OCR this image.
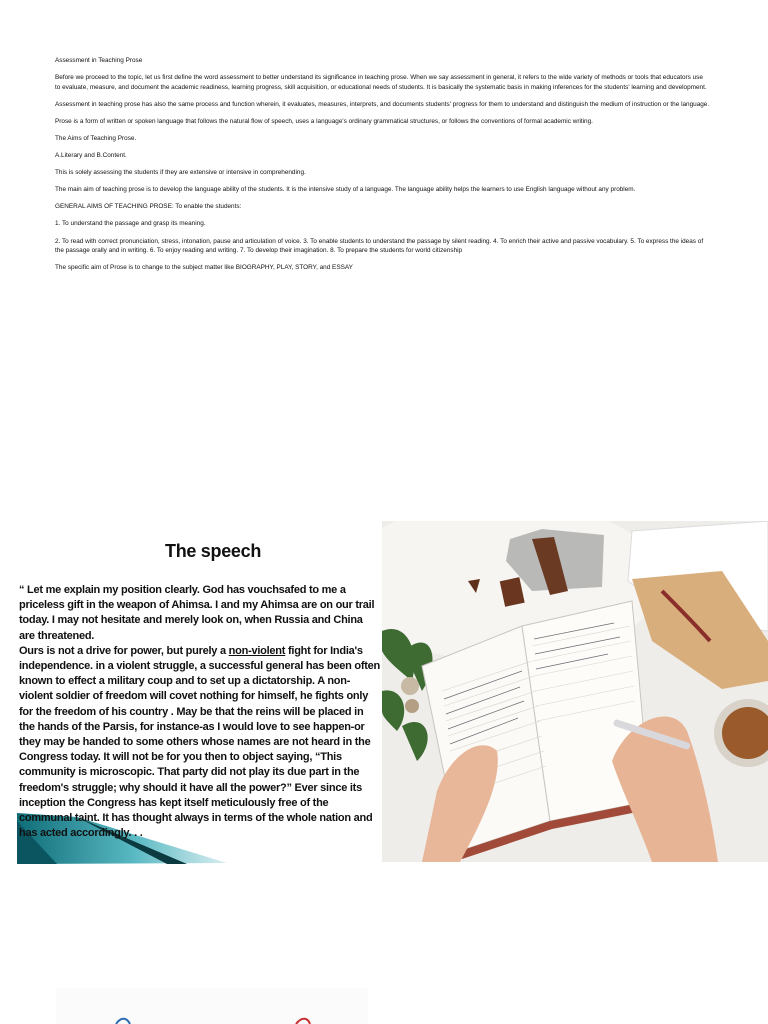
Assessment in Teaching Prose

Before we proceed to the topic, let us first define the word assessment to better understand its significance in teaching prose. When we say assessment in general, it refers to the wide variety of methods or tools that educators use to evaluate, measure, and document the academic readiness, learning progress, skill acquisition, or educational needs of students. It is basically the systematic basis in making inferences for the students' learning and development.

Assessment in teaching prose has also the same process and function wherein, it evaluates, measures, interprets, and documents students' progress for them to understand and distinguish the medium of instruction or the language.

Prose is a form of written or spoken language that follows the natural flow of speech, uses a language's ordinary grammatical structures, or follows the conventions of formal academic writing.

The Aims of Teaching Prose.

A.Literary and B.Content.

This is solely assessing the students if they are extensive or intensive in comprehending.

The main aim of teaching prose is to develop the language ability of the students. It is the intensive study of a language. The language ability helps the learners to use English language without any problem.

GENERAL AIMS OF TEACHING PROSE: To enable the students:

1. To understand the passage and grasp its meaning.

2. To read with correct pronunciation, stress, intonation, pause and articulation of voice. 3. To enable students to understand the passage by silent reading. 4. To enrich their active and passive vocabulary. 5. To express the ideas of the passage orally and in writing. 6. To enjoy reading and writing. 7. To develop their imagination. 8. To prepare the students for world citizenship

The specific aim of Prose is to change to the subject matter like BIOGRAPHY, PLAY, STORY, and ESSAY

The speech

“ Let me explain my position clearly. God has vouchsafed to me a priceless gift in the weapon of Ahimsa. I and my Ahimsa are on our trail today. I may not hesitate and merely look on, when Russia and China are threatened.

Ours is not a drive for power, but purely a non-violent fight for India's independence. in a violent struggle, a successful general has been often known to effect a military coup and to set up a dictatorship. A non-violent soldier of freedom will covet nothing for himself, he fights only for the freedom of his country . May be that the reins will be placed in the hands of the Parsis, for instance-as I would love to see happen-or they may be handed to some others whose names are not heard in the Congress today. It will not be for you then to object saying, “This community is microscopic. That party did not play its due part in the freedom's struggle; why should it have all the power?” Ever since its inception the Congress has kept itself meticulously free of the communal taint. It has thought always in terms of the whole nation and has acted accordingly. . .
